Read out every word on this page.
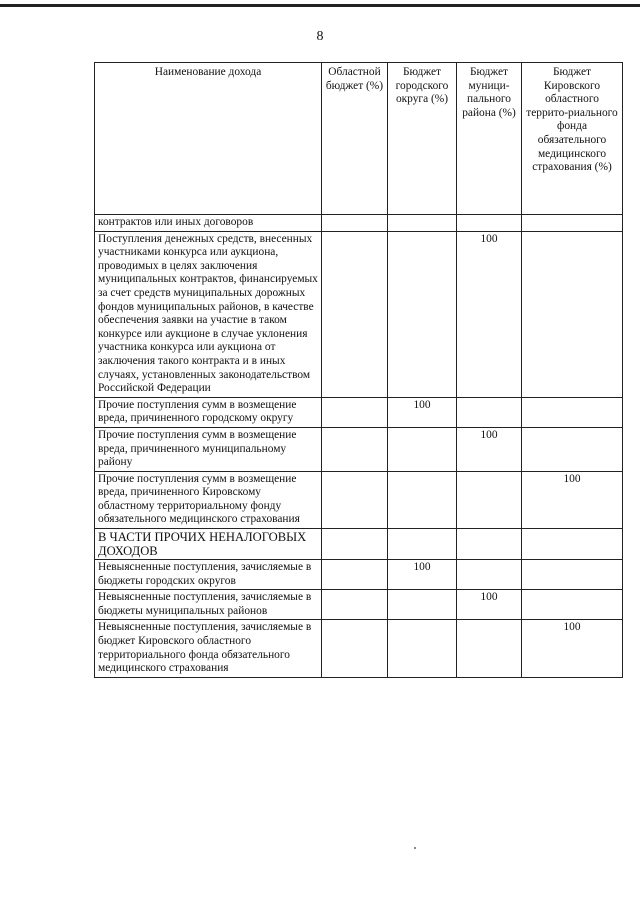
8
Наименование дохода	Областной бюджет (%)	Бюджет городского округа (%)	Бюджет муници-пального района (%)	Бюджет Кировского областного террито-риального фонда обязательного медицинского страхования (%)
контрактов или иных договоров				
Поступления денежных средств, внесенных участниками конкурса или аукциона, проводимых в целях заключения муниципальных контрактов, финансируемых за счет средств муниципальных дорожных фондов муниципальных районов, в качестве обеспечения заявки на участие в таком конкурсе или аукционе в случае уклонения участника конкурса или аукциона от заключения такого контракта и в иных случаях, установленных законодательством Российской Федерации			100	
Прочие поступления сумм в возмещение вреда, причиненного городскому округу		100		
Прочие поступления сумм в возмещение вреда, причиненного муниципальному району			100	
Прочие поступления сумм в возмещение вреда, причиненного Кировскому областному территориальному фонду обязательного медицинского страхования				100
В ЧАСТИ ПРОЧИХ НЕНАЛОГОВЫХ ДОХОДОВ				
Невыясненные поступления, зачисляемые в бюджеты городских округов		100		
Невыясненные поступления, зачисляемые в бюджеты муниципальных районов			100	
Невыясненные поступления, зачисляемые в бюджет Кировского областного территориального фонда обязательного медицинского страхования				100
